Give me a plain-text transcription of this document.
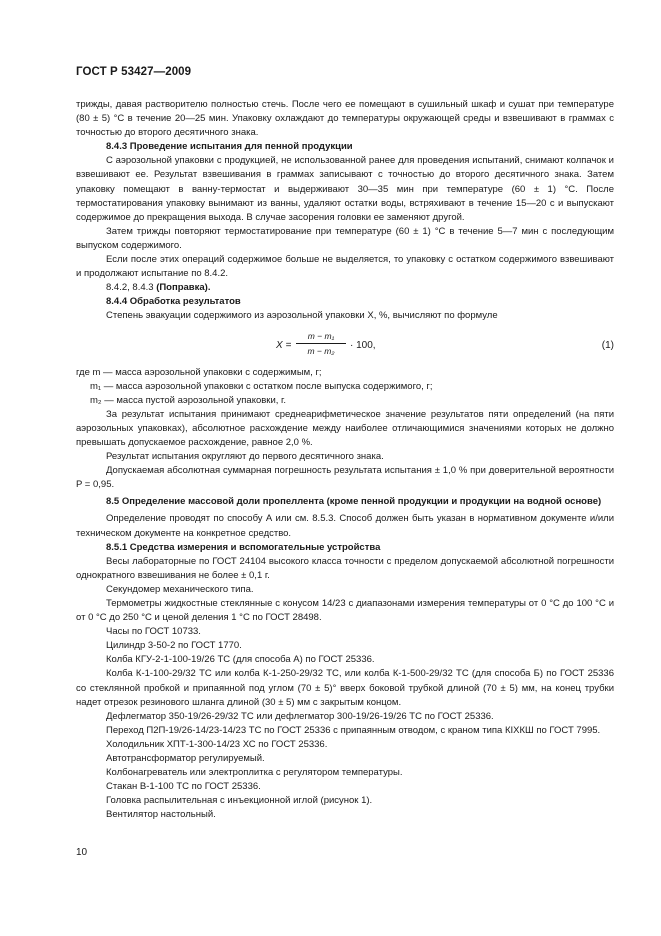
ГОСТ Р 53427—2009

трижды, давая растворителю полностью стечь. После чего ее помещают в сушильный шкаф и сушат при температуре (80 ± 5) °С в течение 20—25 мин. Упаковку охлаждают до температуры окружающей среды и взвешивают в граммах с точностью до второго десятичного знака.

8.4.3 Проведение испытания для пенной продукции

С аэрозольной упаковки с продукцией, не использованной ранее для проведения испытаний, снимают колпачок и взвешивают ее. Результат взвешивания в граммах записывают с точностью до второго десятичного знака. Затем упаковку помещают в ванну-термостат и выдерживают 30—35 мин при температуре (60 ± 1) °С. После термостатирования упаковку вынимают из ванны, удаляют остатки воды, встряхивают в течение 15—20 с и выпускают содержимое до прекращения выхода. В случае засорения головки ее заменяют другой.

Затем трижды повторяют термостатирование при температуре (60 ± 1) °С в течение 5—7 мин с последующим выпуском содержимого.

Если после этих операций содержимое больше не выделяется, то упаковку с остатком содержимого взвешивают и продолжают испытание по 8.4.2.

8.4.2, 8.4.3 (Поправка).

8.4.4 Обработка результатов

Степень эвакуации содержимого из аэрозольной упаковки X, %, вычисляют по формуле

$X = \frac{\text{m − m₁}}{\text{m − m₂}} \cdot 100$,	(1)

где m — масса аэрозольной упаковки с содержимым, г;

m₁ — масса аэрозольной упаковки с остатком после выпуска содержимого, г;

m₂ — масса пустой аэрозольной упаковки, г.

За результат испытания принимают среднеарифметическое значение результатов пяти определений (на пяти аэрозольных упаковках), абсолютное расхождение между наиболее отличающимися значениями которых не должно превышать допускаемое расхождение, равное 2,0 %.

Результат испытания округляют до первого десятичного знака.

Допускаемая абсолютная суммарная погрешность результата испытания ± 1,0 % при доверительной вероятности P = 0,95.

8.5 Определение массовой доли пропеллента (кроме пенной продукции и продукции на водной основе)

Определение проводят по способу А или см. 8.5.3. Способ должен быть указан в нормативном документе и/или техническом документе на конкретное средство.

8.5.1 Средства измерения и вспомогательные устройства

Весы лабораторные по ГОСТ 24104 высокого класса точности с пределом допускаемой абсолютной погрешности однократного взвешивания не более ± 0,1 г.

Секундомер механического типа.

Термометры жидкостные стеклянные с конусом 14/23 с диапазонами измерения температуры от 0 °С до 100 °С и от 0 °С до 250 °С и ценой деления 1 °С по ГОСТ 28498.

Часы по ГОСТ 10733.

Цилиндр 3-50-2 по ГОСТ 1770.

Колба КГУ-2-1-100-19/26 ТС (для способа А) по ГОСТ 25336.

Колба К-1-100-29/32 ТС или колба К-1-250-29/32 ТС, или колба К-1-500-29/32 ТС (для способа Б) по ГОСТ 25336 со стеклянной пробкой и припаянной под углом (70 ± 5)° вверх боковой трубкой длиной (70 ± 5) мм, на конец трубки надет отрезок резинового шланга длиной (30 ± 5) мм с закрытым концом.

Дефлегматор 350-19/26-29/32 ТС или дефлегматор 300-19/26-19/26 ТС по ГОСТ 25336.

Переход П2П-19/26-14/23-14/23 ТС по ГОСТ 25336 с припаянным отводом, с краном типа КIХКШ по ГОСТ 7995.

Холодильник ХПТ-1-300-14/23 ХС по ГОСТ 25336.

Автотрансформатор регулируемый.

Колбонагреватель или электроплитка с регулятором температуры.

Стакан В-1-100 ТС по ГОСТ 25336.

Головка распылительная с инъекционной иглой (рисунок 1).

Вентилятор настольный.

10
